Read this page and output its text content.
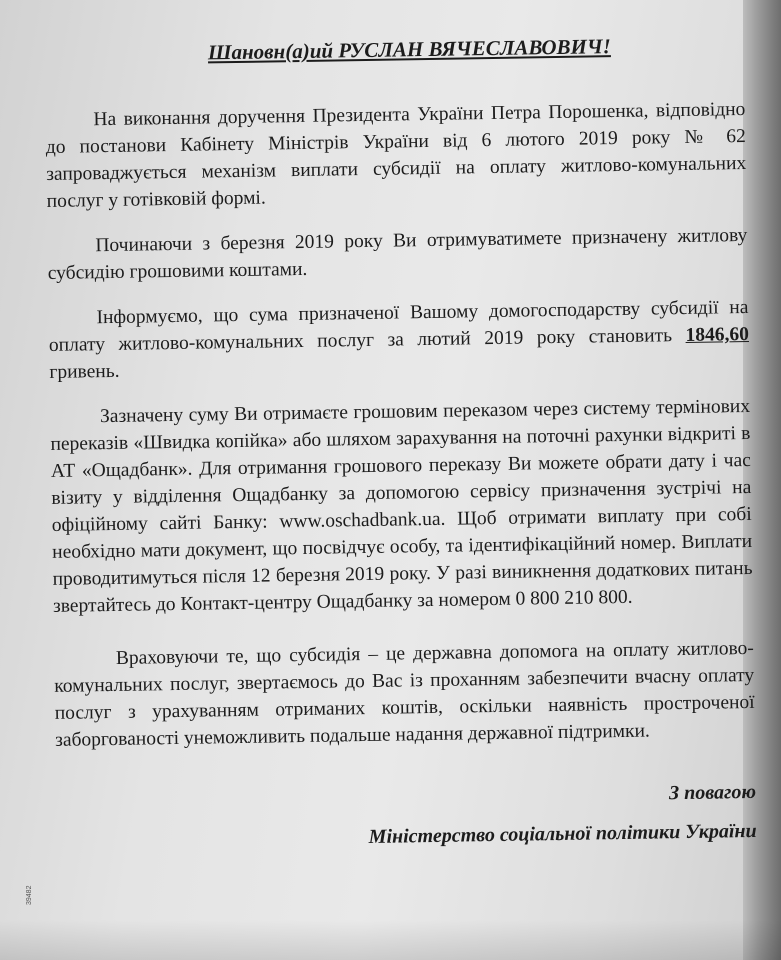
Шановн(а)ий РУСЛАН ВЯЧЕСЛАВОВИЧ!

На виконання доручення Президента України Петра Порошенка, відповідно до постанови Кабінету Міністрів України від 6 лютого 2019 року № 62 запроваджується механізм виплати субсидії на оплату житлово-комунальних послуг у готівковій формі.

Починаючи з березня 2019 року Ви отримуватимете призначену житлову субсидію грошовими коштами.

Інформуємо, що сума призначеної Вашому домогосподарству субсидії на оплату житлово-комунальних послуг за лютий 2019 року становить 1846,60 гривень.

Зазначену суму Ви отримаєте грошовим переказом через систему термінових переказів «Швидка копійка» або шляхом зарахування на поточні рахунки відкриті в АТ «Ощадбанк». Для отримання грошового переказу Ви можете обрати дату і час візиту у відділення Ощадбанку за допомогою сервісу призначення зустрічі на офіційному сайті Банку: www.oschadbank.ua. Щоб отримати виплату при собі необхідно мати документ, що посвідчує особу, та ідентифікаційний номер. Виплати проводитимуться після 12 березня 2019 року. У разі виникнення додаткових питань звертайтесь до Контакт-центру Ощадбанку за номером 0 800 210 800.

Враховуючи те, що субсидія – це державна допомога на оплату житлово-комунальних послуг, звертаємось до Вас із проханням забезпечити вчасну оплату послуг з урахуванням отриманих коштів, оскільки наявність простроченої заборгованості унеможливить подальше надання державної підтримки.

З повагою

Міністерство соціальної політики України

39482
